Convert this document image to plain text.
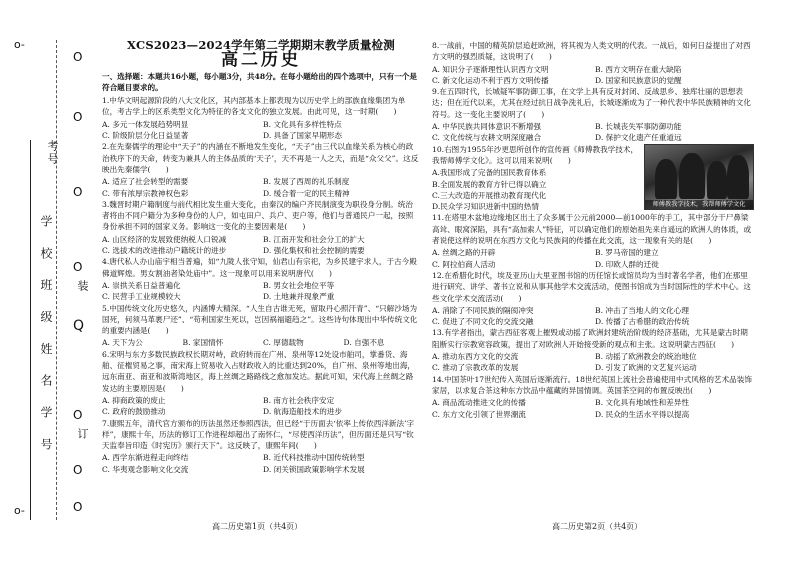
o-
o-
考号
学 校 班 级 姓 名 学 号
O
O
O
O
Q
O
O
O
装
订

XCS2023—2024学年第二学期期末教学质量检测

高二历史

一、选择题：本题共16小题，每小题3分，共48分。在每小题给出的四个选项中，只有一个是符合题目要求的。
1.中华文明起源阶段的八大文化区，其内部基本上都表现为以历史学上的部族血缘集团为单位，考古学上的区系类型文化为特征的各支文化的独立发展。由此可见，这一时期(　　)
A. 多元一体发展趋势明显	B. 文化具有多样性特点
C. 阶级阶层分化日益显著	D. 具备了国家早期形态
2.在先秦儒学的理论中“天子”的内涵在不断地发生变化，“天子”由三代以血缘关系为核心的政治秩序下的天命，转变为兼具人的主体品质的‘天子’，天不再是一人之天，而是“众父父”。这反映出先秦儒学(　　)
A. 适应了社会转型的需要	B. 发展了西周的礼乐制度
C. 带有浓厚宗教神权色彩	D. 缓合着一定的民主精神
3.魏晋时期户籍制度与前代相比发生重大变化，由秦汉的编户齐民制演变为职役身分制。统治者将由不同户籍分为多种身份的人户，如屯田户、兵户、吏户等，他们与普通民户一起，按照身份承担不同的国家义务。影响这一变化的主要因素是(　　)
A. 山区经济的发展致使纳税人口锐减	B. 江南开发和社会分工的扩大
C. 选拔术的改进推动户籍统计的进步	D. 强化集权和社会控制的需要
4.唐代私人办山庙宇相当普遍，如“九陇人张守知，仙君山有宗祀，为乡民建宇求人，于古今殿佛道辉煌。男女割油者染处庙中”。这一现象可以用来说明唐代(　　)
A. 崇拱关系日益普遍化	B. 男女社会地位平等
C. 民营手工业规模较大	D. 土地兼并现象严重
5.中国传统文化历史悠久，内涵博大精深。“人生自古谁无死，留取丹心照汗青”、“只解沙场为国死，何须马革裹尸还”、“苟利国家生死以，岂因祸福避趋之”。这些诗句体现出中华传统文化的重要内涵是(　　)
A. 天下为公	B. 家国情怀	C. 厚德载物	D. 自强不息
6.宋明与东方多数民族政权长期对峙，政府转而在广州、泉州等12处设市舶司，掌番货、海舶、征権贸易之事，南宋海上贸易收入占财政收入的比重达到20%，自广州、泉州等地出海，远东南亚、南亚和波斯湾地区，海上丝绸之路路线之愈加发达。据此可知，宋代海上丝绸之路发达的主要原因是(　　)
A. 抑商政策的废止	B. 南方社会秩序安定
C. 政府的鼓励推动	D. 航海造船技术的进步
7.康熙五年，清代官方颁布的历法虽然还参照西法，但已经“于历面去‘依率上传依西洋新法’字样”，康熙十年，历法的修订工作进程却超出了南怀仁，“尽使西洋历法”，但历面还是只写“钦天监奉旨印造《时宪历》颁行天下”。这反映了，康熙年间(　　)
A. 西学东渐进程走向终结	B. 近代科技推动中国传统转型
C. 华夷观念影响文化交流	D. 闭关锁国政策影响学术发展
8.一战前，中国的精英阶层追赶欧洲，将其视为人类文明的代表。一战后，如何日益提出了对西方文明的强烈质疑，这说明了(　　)
A. 知识分子逐渐理性认识西方文明	B. 西方文明存在重大缺陷
C. 新文化运动不利于西方文明传播	D. 国家和民族意识的觉醒
9.在五四时代，长城疑军事防御工事，在文学上具有反对封闭、反战思乡、独库壮丽的思想表达；但在近代以来，尤其在经过抗日战争洗礼后，长城逐渐成为了一种代表中华民族精神的文化符号。这一变化主要说明了(　　)
A. 中华民族共同体意识不断增强	B. 长城丧失军事防御功能
C. 文化传统与农耕文明深度融合	D. 保护文化遗产任重道远
师傅教我学技术，我帮师傅学文化
10.右图为1955年沙更思所创作的宣传画《师傅教我学技术，我帮师傅学文化》。这可以用来说明(　　)
A.我国形成了完备的国民教育体系
B.全面发展的教育方针已得以确立
C.三大改造的开展推动教育现代化
D.民众学习知识进新中国的热情
11.在塔里木盆地边缘地区出土了众多属于公元前2000—前1000年的手工，其中部分干尸鼻梁高耸、眼窝深陷，具有“高加索人”特征，可以确定他们的原始祖先来自遥远的欧洲人的体质，或者说使这样的说明在东西方文化与民族间的传播在此交流，这一现象有关的是(　　)
A. 丝绸之路的开辟	B. 罗马帝国的建立
C. 阿拉伯商人活动	D. 印欧人群的迁徙
12.在希腊化时代，埃及亚历山大里亚图书馆的历任馆长或馆员均为当时著名学者，他们在那里进行研究、讲学、著书立说和从事其他学术交流活动，使图书馆成为当时国际性的学术中心。这些文化学术交流活动(　　)
A. 消除了不同民族的隔阂冲突	B. 冲击了当地人的文化心理
C. 促进了不同文化的交流交融	D. 传播了古希腊的政治传统
13.有学者指出，蒙古西征客观上摧毁或动摇了欧洲封建统治阶级的经济基础，尤其是蒙古时期阻断实行宗教宽容政策，提出了对欧洲人开始接受新的观点和主张。这说明蒙古西征(　　)
A. 推动东西方文化的交流	B. 动摇了欧洲教会的统治地位
C. 推动了宗教改革的发展	D. 引发了欧洲的文艺复兴运动
14.中国茶叶17世纪传入英国后逐渐流行。18世纪英国上流社会普遍使用中式风格的艺术品装饰家居，以求复合茶这种东方饮品中蕴藏的异国情调。英国茶空间的布置反映出(　　)
A. 商品流动推进文化的传播	B. 文化具有地域性和差异性
C. 东方文化引领了世界潮流	D. 民众的生活水平得以提高
高二历史第1页（共4页）	高二历史第2页（共4页）
